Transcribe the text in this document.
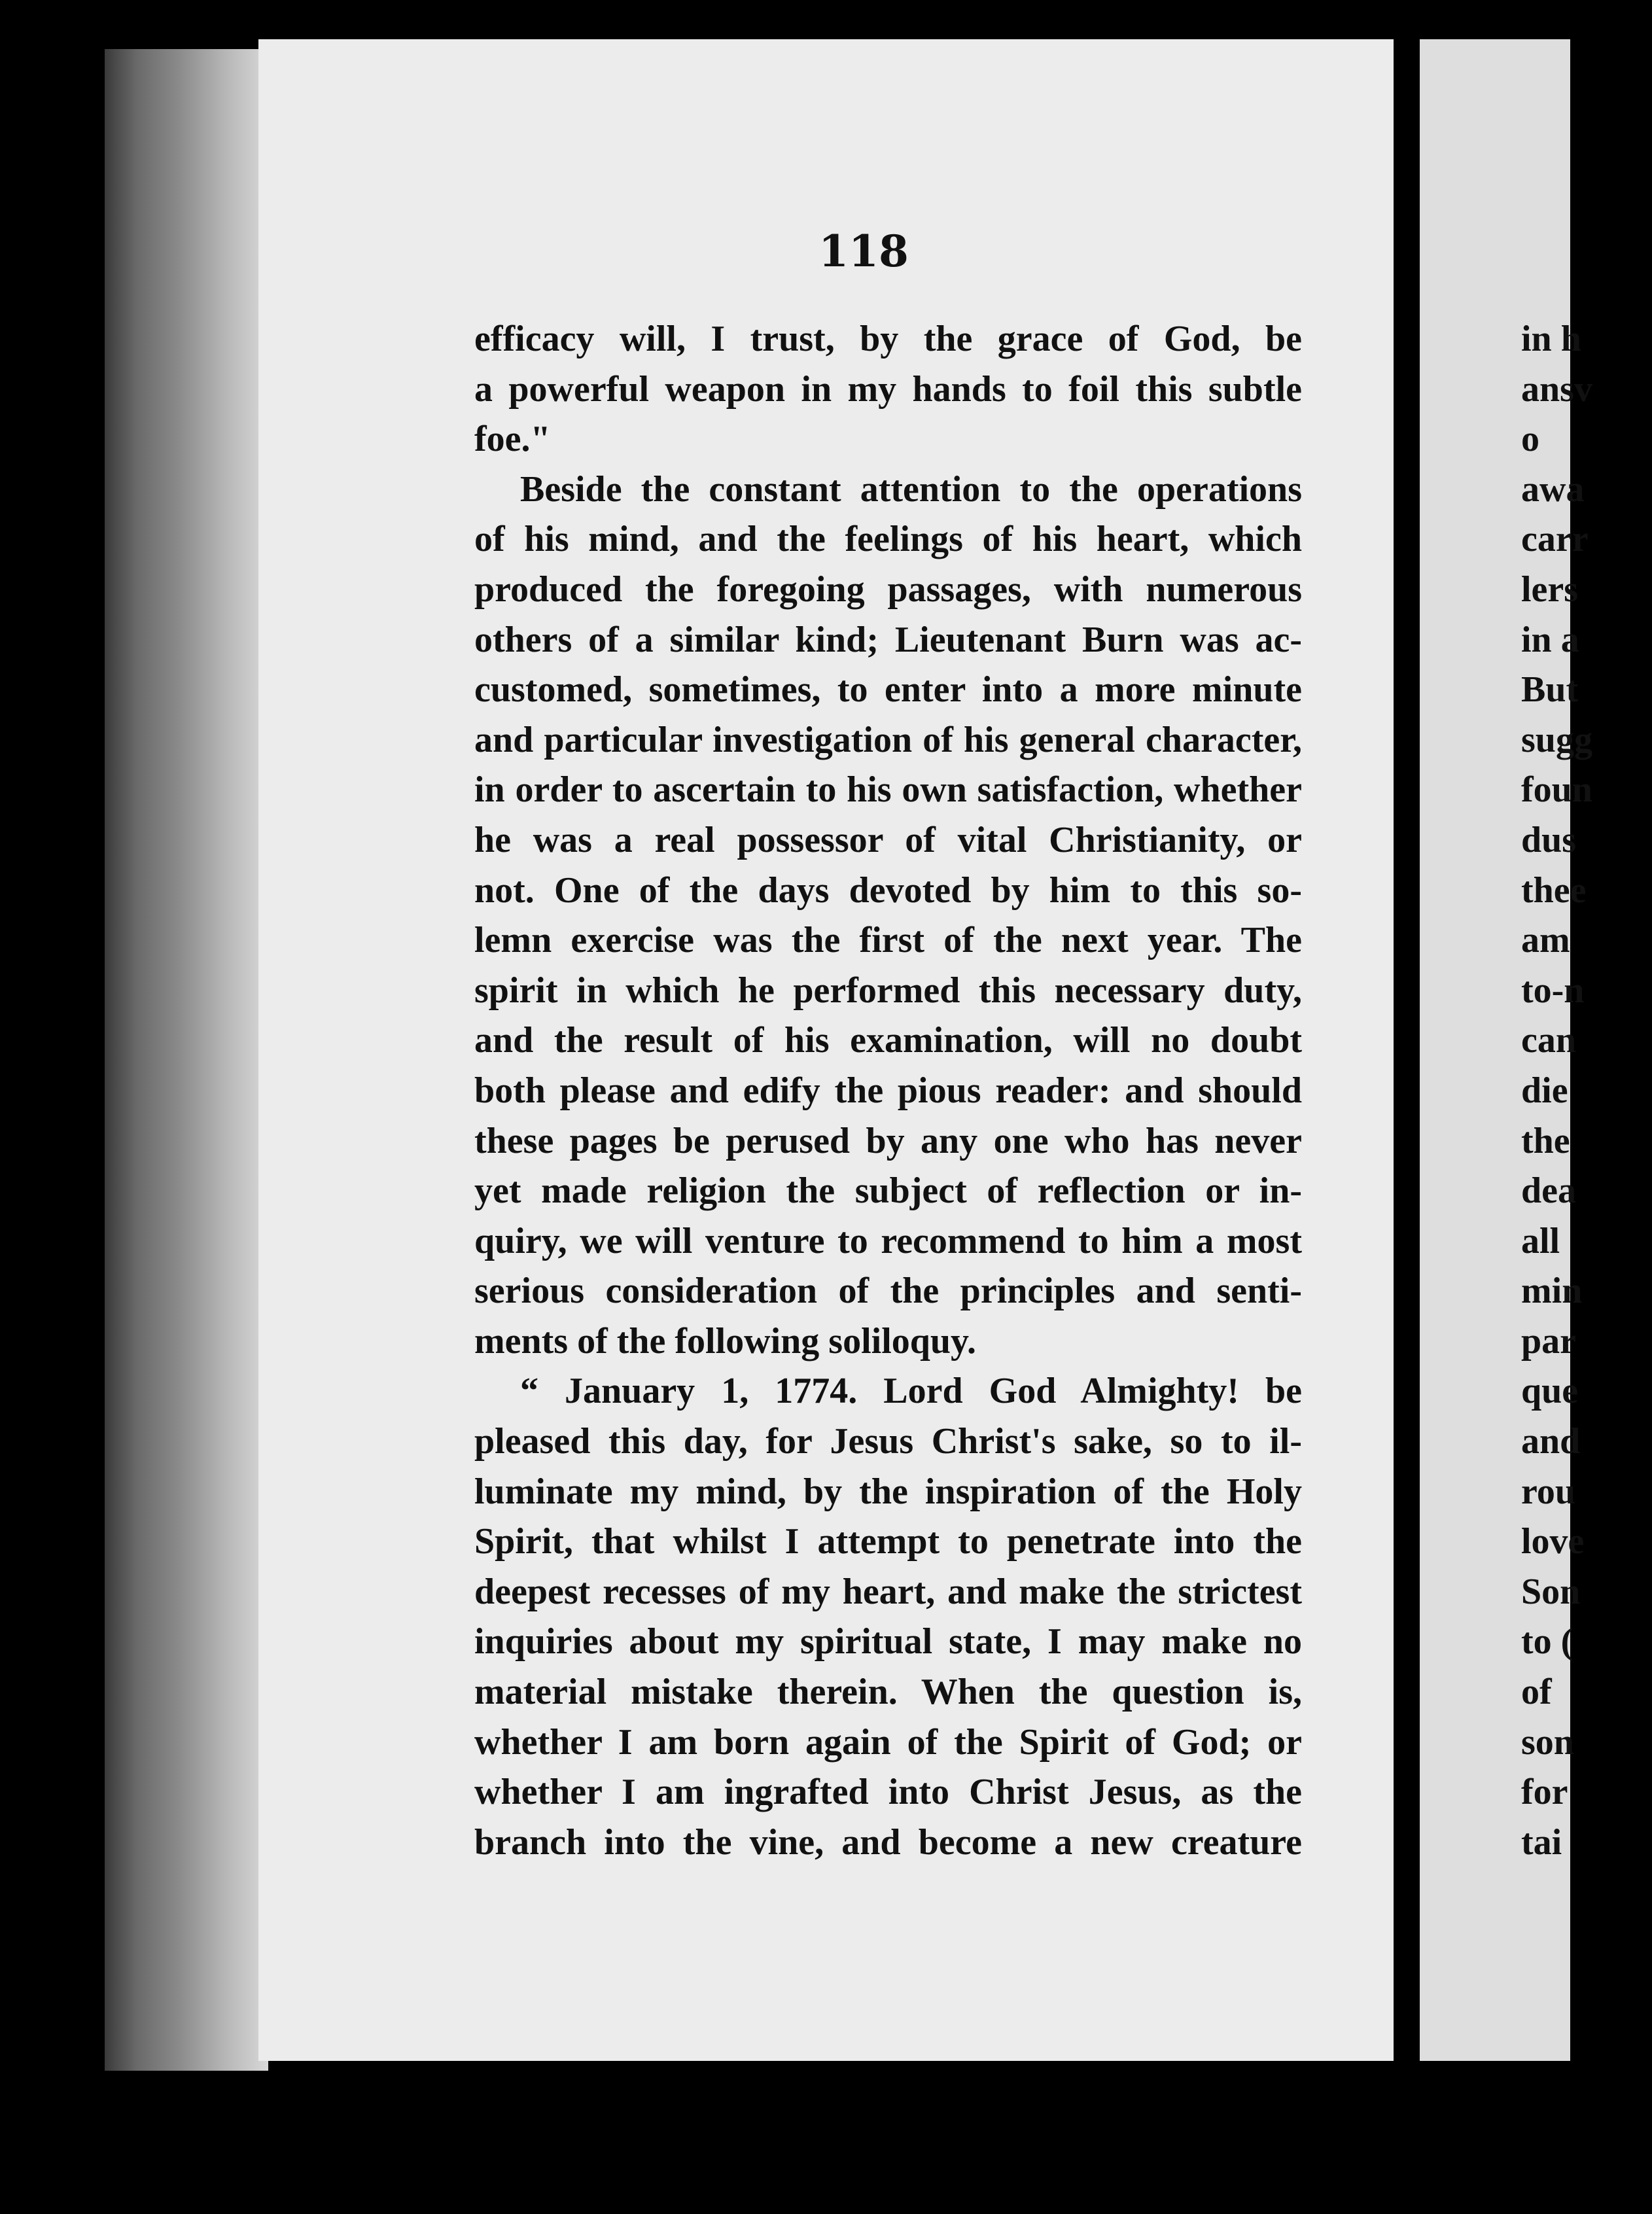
118
efficacy will, I trust, by the grace of God, be
a powerful weapon in my hands to foil this subtle
foe."
Beside the constant attention to the operations
of his mind, and the feelings of his heart, which
produced the foregoing passages, with numerous
others of a similar kind; Lieutenant Burn was ac-
customed, sometimes, to enter into a more minute
and particular investigation of his general character,
in order to ascertain to his own satisfaction, whether
he was a real possessor of vital Christianity, or
not. One of the days devoted by him to this so-
lemn exercise was the first of the next year. The
spirit in which he performed this necessary duty,
and the result of his examination, will no doubt
both please and edify the pious reader: and should
these pages be perused by any one who has never
yet made religion the subject of reflection or in-
quiry, we will venture to recommend to him a most
serious consideration of the principles and senti-
ments of the following soliloquy.
“ January 1, 1774. Lord God Almighty! be
pleased this day, for Jesus Christ's sake, so to il-
luminate my mind, by the inspiration of the Holy
Spirit, that whilst I attempt to penetrate into the
deepest recesses of my heart, and make the strictest
inquiries about my spiritual state, I may make no
material mistake therein. When the question is,
whether I am born again of the Spirit of God; or
whether I am ingrafted into Christ Jesus, as the
branch into the vine, and become a new creature
in h
ansv
o
awa
carr
lers
in a
But
sugg
foun
dus
thee
am
to-n
can
die
the
dea
all
min
par
que
and
rou
love
Son
to (
of
son
for
tai
